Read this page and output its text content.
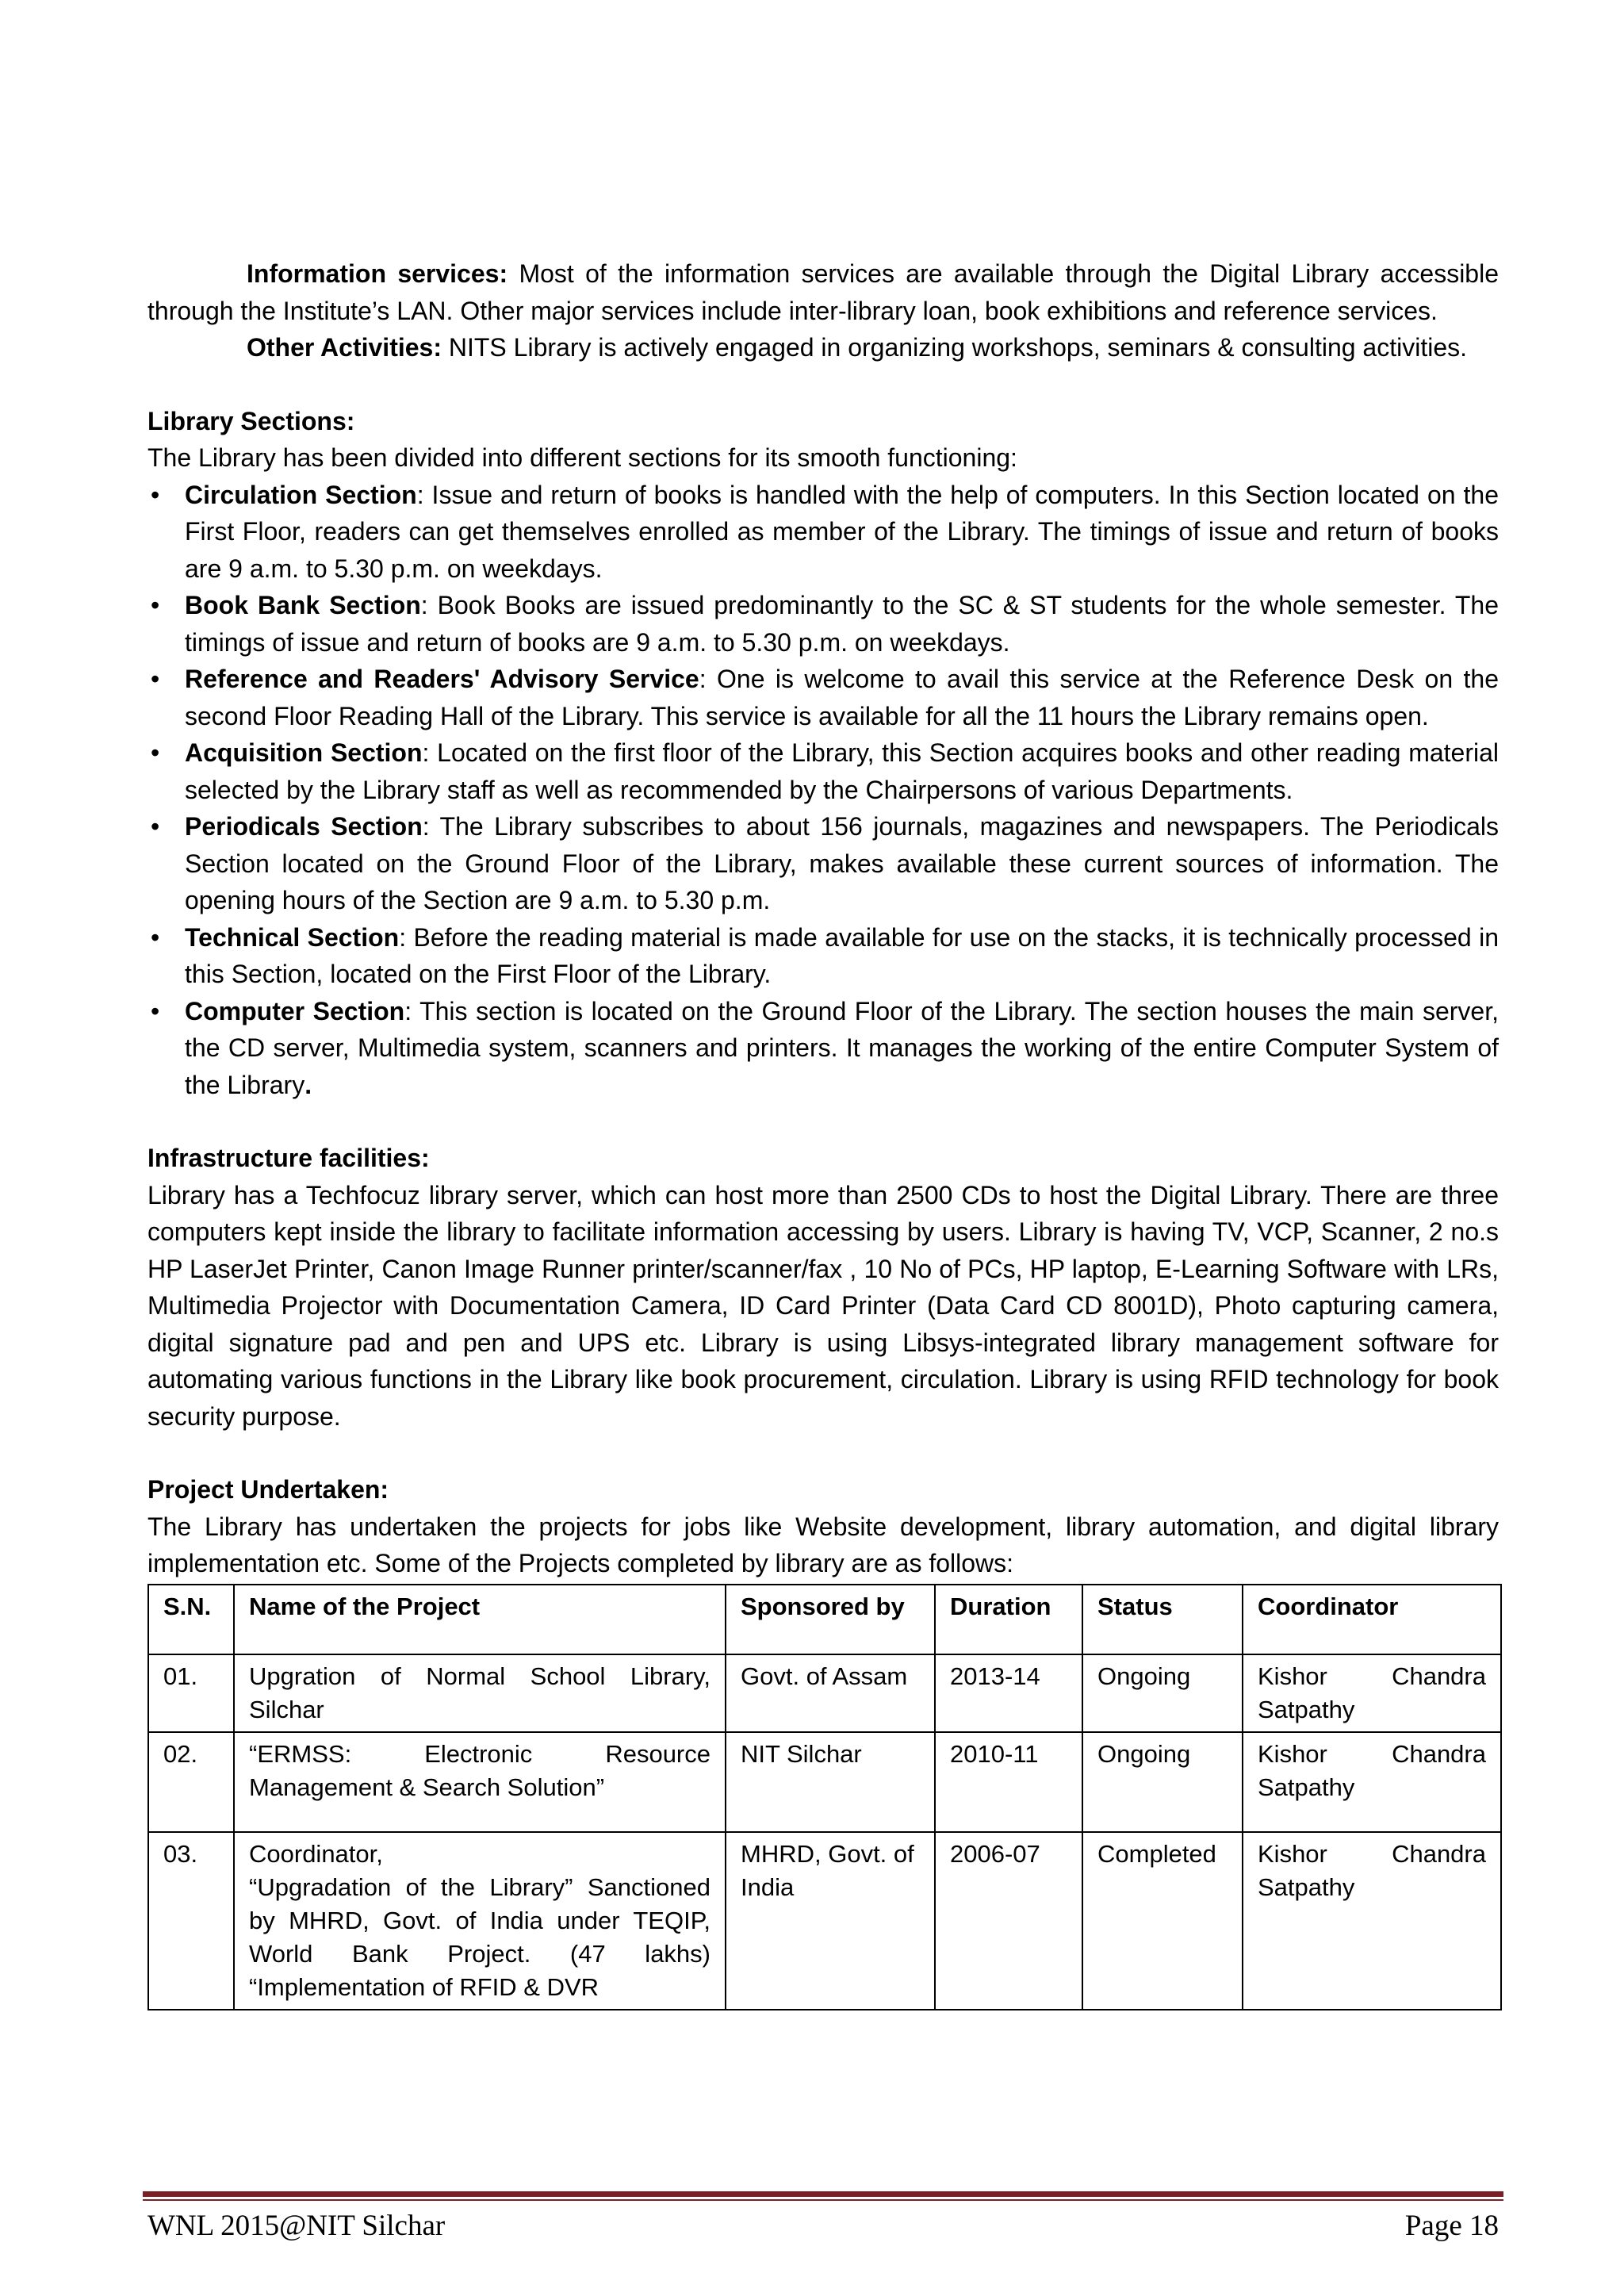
Information services: Most of the information services are available through the Digital Library accessible through the Institute’s LAN. Other major services include inter-library loan, book exhibitions and reference services.

Other Activities: NITS Library is actively engaged in organizing workshops, seminars & consulting activities.

Library Sections:

The Library has been divided into different sections for its smooth functioning:

• Circulation Section: Issue and return of books is handled with the help of computers. In this Section located on the First Floor, readers can get themselves enrolled as member of the Library. The timings of issue and return of books are 9 a.m. to 5.30 p.m. on weekdays.
• Book Bank Section: Book Books are issued predominantly to the SC & ST students for the whole semester. The timings of issue and return of books are 9 a.m. to 5.30 p.m. on weekdays.
• Reference and Readers' Advisory Service: One is welcome to avail this service at the Reference Desk on the second Floor Reading Hall of the Library. This service is available for all the 11 hours the Library remains open.
• Acquisition Section: Located on the first floor of the Library, this Section acquires books and other reading material selected by the Library staff as well as recommended by the Chairpersons of various Departments.
• Periodicals Section: The Library subscribes to about 156 journals, magazines and newspapers. The Periodicals Section located on the Ground Floor of the Library, makes available these current sources of information. The opening hours of the Section are 9 a.m. to 5.30 p.m.
• Technical Section: Before the reading material is made available for use on the stacks, it is technically processed in this Section, located on the First Floor of the Library.
• Computer Section: This section is located on the Ground Floor of the Library. The section houses the main server, the CD server, Multimedia system, scanners and printers. It manages the working of the entire Computer System of the Library.

Infrastructure facilities:

Library has a Techfocuz library server, which can host more than 2500 CDs to host the Digital Library. There are three computers kept inside the library to facilitate information accessing by users. Library is having TV, VCP, Scanner, 2 no.s HP LaserJet Printer, Canon Image Runner printer/scanner/fax , 10 No of PCs, HP laptop, E-Learning Software with LRs, Multimedia Projector with Documentation Camera, ID Card Printer (Data Card CD 8001D), Photo capturing camera, digital signature pad and pen and UPS etc. Library is using Libsys-integrated library management software for automating various functions in the Library like book procurement, circulation. Library is using RFID technology for book security purpose.

Project Undertaken:

The Library has undertaken the projects for jobs like Website development, library automation, and digital library implementation etc. Some of the Projects completed by library are as follows:

S.N.	Name of the Project	Sponsored by	Duration	Status	Coordinator
01.	Upgration of Normal School Library, Silchar	Govt. of Assam	2013-14	Ongoing	Kishor Chandra Satpathy
02.	“ERMSS: Electronic Resource Management & Search Solution”	NIT Silchar	2010-11	Ongoing	Kishor Chandra Satpathy
03.	Coordinator,
“Upgradation of the Library” Sanctioned by MHRD, Govt. of India under TEQIP, World Bank Project. (47 lakhs) “Implementation of RFID & DVR	MHRD, Govt. of India	2006-07	Completed	Kishor Chandra Satpathy
WNL 2015@NIT Silchar	Page 18
